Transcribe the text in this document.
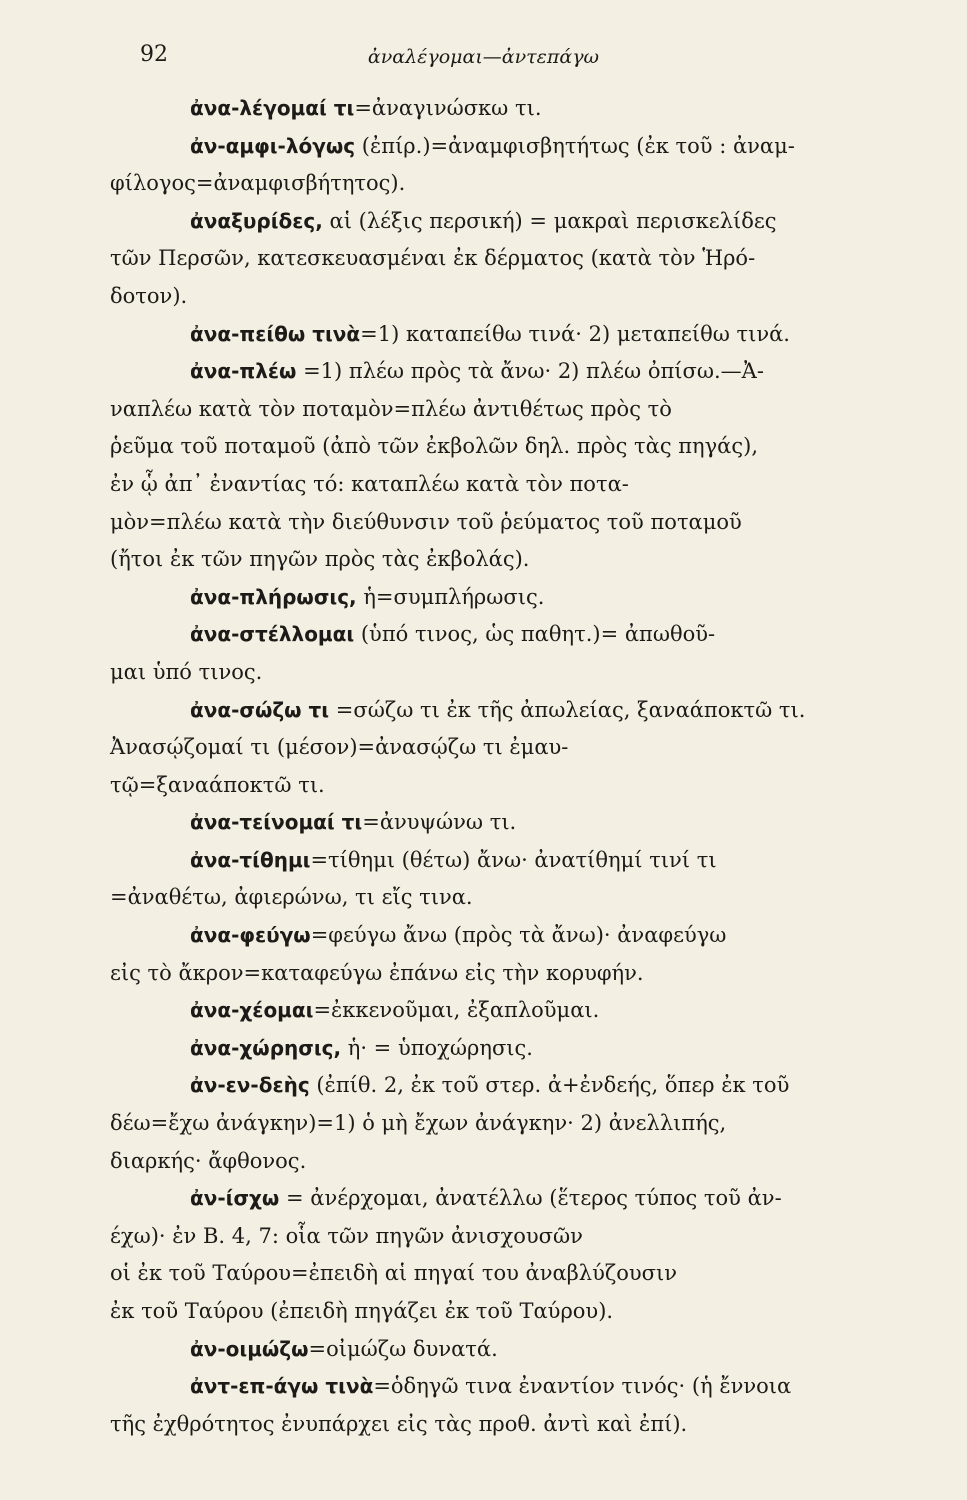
92	ἀναλέγομαι—ἀντεπάγω
ἀνα-λέγομαί τι=ἀναγινώσκω τι.
ἀν-αμφι-λόγως (ἐπίρ.)=ἀναμφισβητήτως (ἐκ τοῦ : ἀναμ-
φίλογος=ἀναμφισβήτητος).
ἀναξυρίδες, αἱ (λέξις περσική) = μακραὶ περισκελίδες
τῶν Περσῶν, κατεσκευασμέναι ἐκ δέρματος (κατὰ τὸν Ἡρό-
δοτον).
ἀνα-πείθω τινὰ=1) καταπείθω τινά· 2) μεταπείθω τινά.
ἀνα-πλέω =1) πλέω πρὸς τὰ ἄνω· 2) πλέω ὀπίσω.—Ἀ-
ναπλέω κατὰ τὸν ποταμὸν=πλέω ἀντιθέτως πρὸς τὸ
ῥεῦμα τοῦ ποταμοῦ (ἀπὸ τῶν ἐκβολῶν δηλ. πρὸς τὰς πηγάς),
ἐν ᾧ ἀπ᾽ ἐναντίας τό: καταπλέω κατὰ τὸν ποτα-
μὸν=πλέω κατὰ τὴν διεύθυνσιν τοῦ ῥεύματος τοῦ ποταμοῦ
(ἤτοι ἐκ τῶν πηγῶν πρὸς τὰς ἐκβολάς).
ἀνα-πλήρωσις, ἡ=συμπλήρωσις.
ἀνα-στέλλομαι (ὑπό τινος, ὡς παθητ.)= ἀπωθοῦ-
μαι ὑπό τινος.
ἀνα-σώζω τι =σώζω τι ἐκ τῆς ἀπωλείας, ξαναάποκτῶ τι.
Ἀνασῴζομαί τι (μέσον)=ἀνασῴζω τι ἐμαυ-
τῷ=ξαναάποκτῶ τι.
ἀνα-τείνομαί τι=ἀνυψώνω τι.
ἀνα-τίθημι=τίθημι (θέτω) ἄνω· ἀνατίθημί τινί τι
=ἀναθέτω, ἀφιερώνω, τι εἴς τινα.
ἀνα-φεύγω=φεύγω ἄνω (πρὸς τὰ ἄνω)· ἀναφεύγω
εἰς τὸ ἄκρον=καταφεύγω ἐπάνω εἰς τὴν κορυφήν.
ἀνα-χέομαι=ἐκκενοῦμαι, ἐξαπλοῦμαι.
ἀνα-χώρησις, ἡ· = ὑποχώρησις.
ἀν-εν-δεὴς (ἐπίθ. 2, ἐκ τοῦ στερ. ἀ+ἐνδεής, ὅπερ ἐκ τοῦ
δέω=ἔχω ἀνάγκην)=1) ὁ μὴ ἔχων ἀνάγκην· 2) ἀνελλιπής,
διαρκής· ἄφθονος.
ἀν-ίσχω = ἀνέρχομαι, ἀνατέλλω (ἕτερος τύπος τοῦ ἀν-
έχω)· ἐν Β. 4, 7: οἷα τῶν πηγῶν ἀνισχουσῶν
οἱ ἐκ τοῦ Ταύρου=ἐπειδὴ αἱ πηγαί του ἀναβλύζουσιν
ἐκ τοῦ Ταύρου (ἐπειδὴ πηγάζει ἐκ τοῦ Ταύρου).
ἀν-οιμώζω=οἰμώζω δυνατά.
ἀντ-επ-άγω τινὰ=ὁδηγῶ τινα ἐναντίον τινός· (ἡ ἔννοια
τῆς ἐχθρότητος ἐνυπάρχει εἰς τὰς προθ. ἀντὶ καὶ ἐπί).
